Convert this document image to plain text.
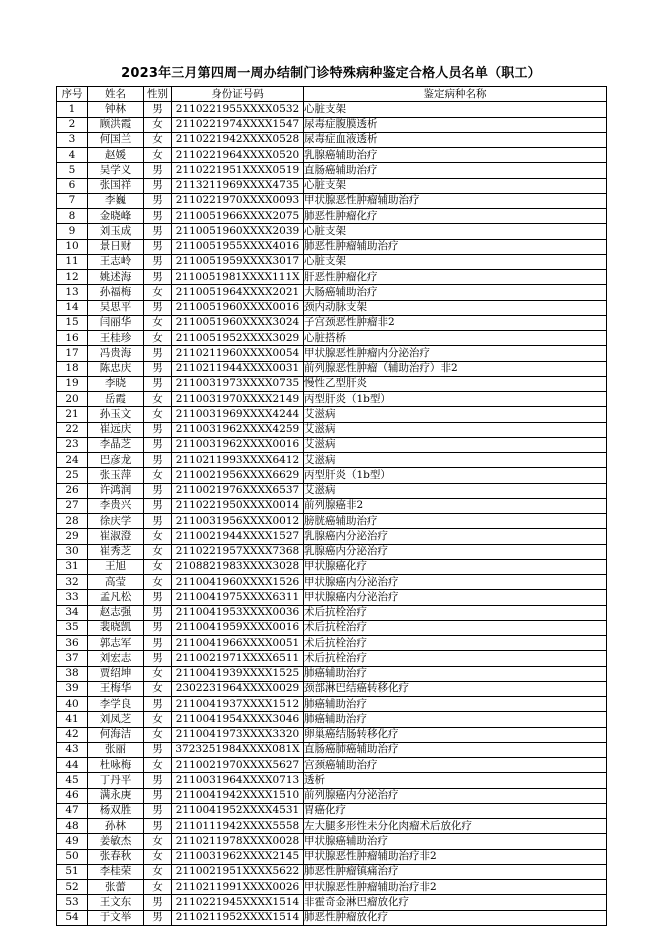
2023年三月第四周一周办结制门诊特殊病种鉴定合格人员名单（职工）
序号	姓名	性别	身份证号码	鉴定病种名称
1	钟林	男	2110221955XXXX0532	心脏支架
2	顾洪霞	女	2110221974XXXX1547	尿毒症腹膜透析
3	何国兰	女	2110221942XXXX0528	尿毒症血液透析
4	赵媛	女	2110221964XXXX0520	乳腺癌辅助治疗
5	吴学义	男	2110221951XXXX0519	直肠癌辅助治疗
6	张国祥	男	2113211969XXXX4735	心脏支架
7	李巍	男	2110221970XXXX0093	甲状腺恶性肿瘤辅助治疗
8	金晓峰	男	2110051966XXXX2075	肺恶性肿瘤化疗
9	刘玉成	男	2110051960XXXX2039	心脏支架
10	景日财	男	2110051955XXXX4016	肺恶性肿瘤辅助治疗
11	王志岭	男	2110051959XXXX3017	心脏支架
12	姚述海	男	2110051981XXXX111X	肝恶性肿瘤化疗
13	孙福梅	女	2110051964XXXX2021	大肠癌辅助治疗
14	吴思平	男	2110051960XXXX0016	颈内动脉支架
15	闫丽华	女	2110051960XXXX3024	子宫颈恶性肿瘤非2
16	王桂珍	女	2110051952XXXX3029	心脏搭桥
17	冯贵海	男	2110211960XXXX0054	甲状腺恶性肿瘤内分泌治疗
18	陈忠庆	男	2110211944XXXX0031	前列腺恶性肿瘤（辅助治疗）非2
19	李晓	男	2110031973XXXX0735	慢性乙型肝炎
20	岳霞	女	2110031970XXXX2149	丙型肝炎（1b型）
21	孙玉文	女	2110031969XXXX4244	艾滋病
22	崔远庆	男	2110031962XXXX4259	艾滋病
23	李晶芝	男	2110031962XXXX0016	艾滋病
24	巴彦龙	男	2110211993XXXX6412	艾滋病
25	张玉萍	女	2110021956XXXX6629	丙型肝炎（1b型）
26	许鸿润	男	2110021976XXXX6537	艾滋病
27	李贵兴	男	2110221950XXXX0014	前列腺癌非2
28	徐庆学	男	2110031956XXXX0012	膀胱癌辅助治疗
29	崔淑澄	女	2110021944XXXX1527	乳腺癌内分泌治疗
30	崔秀芝	女	2110221957XXXX7368	乳腺癌内分泌治疗
31	王旭	女	2108821983XXXX3028	甲状腺癌化疗
32	高莹	女	2110041960XXXX1526	甲状腺癌内分泌治疗
33	孟凡松	男	2110041975XXXX6311	甲状腺癌内分泌治疗
34	赵志强	男	2110041953XXXX0036	术后抗栓治疗
35	裴晓凯	男	2110041959XXXX0016	术后抗栓治疗
36	郭志军	男	2110041966XXXX0051	术后抗栓治疗
37	刘宏志	男	2110021971XXXX6511	术后抗栓治疗
38	贾绍坤	女	2110041939XXXX1525	肺癌辅助治疗
39	王梅华	女	2302231964XXXX0029	颈部淋巴结癌转移化疗
40	李学良	男	2110041937XXXX1512	肺癌辅助治疗
41	刘凤芝	女	2110041954XXXX3046	肺癌辅助治疗
42	何海洁	女	2110041973XXXX3320	卵巢癌结肠转移化疗
43	张丽	男	3723251984XXXX081X	直肠癌肺癌辅助治疗
44	杜咏梅	女	2110021970XXXX5627	宫颈癌辅助治疗
45	丁丹平	男	2110031964XXXX0713	透析
46	满永庚	男	2110041942XXXX1510	前列腺癌内分泌治疗
47	杨双胜	男	2110041952XXXX4531	胃癌化疗
48	孙林	男	2110111942XXXX5558	左大腿多形性未分化肉瘤术后放化疗
49	姜敏杰	女	2110211978XXXX0028	甲状腺癌辅助治疗
50	张春秋	女	2110031962XXXX2145	甲状腺恶性肿瘤辅助治疗非2
51	李桂荣	女	2110021951XXXX5622	肺恶性肿瘤镇痛治疗
52	张蕾	女	2110211991XXXX0026	甲状腺恶性肿瘤辅助治疗非2
53	王文东	男	2110221945XXXX1514	非霍奇金淋巴瘤放化疗
54	于文举	男	2110211952XXXX1514	肺恶性肿瘤放化疗
